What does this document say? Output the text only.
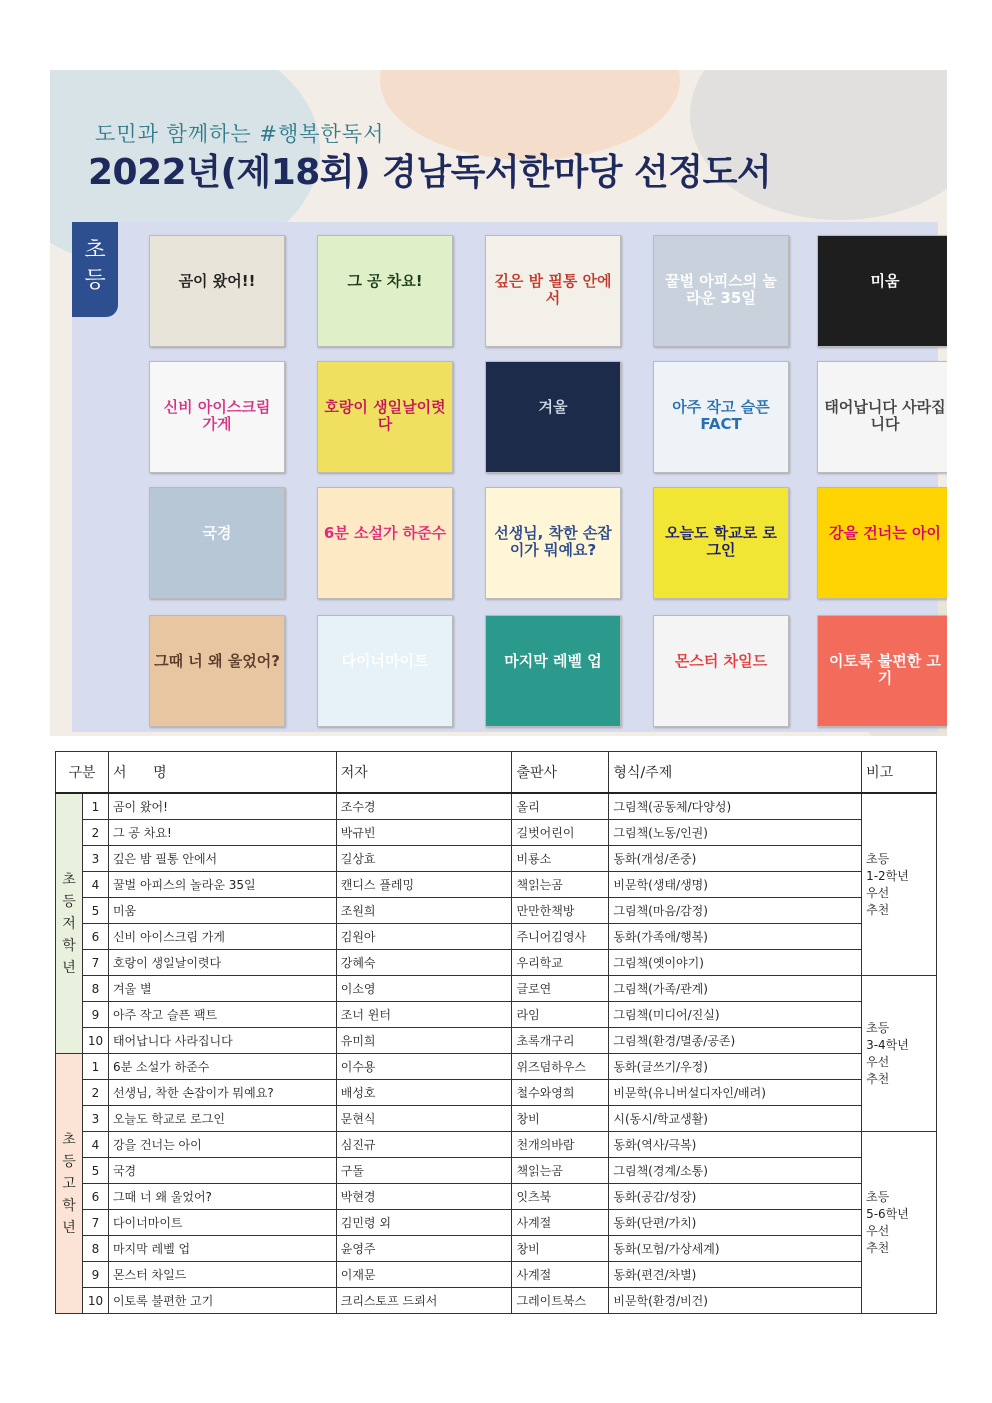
도민과 함께하는 #행복한독서
2022년(제18회) 경남독서한마당 선정도서
초
등	곰이 왔어!!	그 공 차요!	깊은 밤 필통 안에서
꿀벌 아피스의 놀라운 35일
미움
신비 아이스크림 가게
호랑이 생일날이렷다
겨울	아주 작고 슬픈 FACT
태어납니다 사라집니다
국경	6분 소설가 하준수	선생님, 착한 손잡이가 뭐예요?
오늘도 학교로 로그인
강을 건너는 아이
그때 너 왜 울었어?	다이너마이트	마지막 레벨 업	몬스터 차일드	이토록 불편한 고기
구분		서      명	저자	출판사	형식/주제	비고
초
등
저
학
년	1	곰이 왔어!	조수경	올리	그림책(공동체/다양성)	초등
1-2학년
우선
추천
	2	그 공 차요!	박규빈	길벗어린이	그림책(노동/인권)	
	3	깊은 밤 필통 안에서	길상효	비룡소	동화(개성/존중)	
	4	꿀벌 아피스의 놀라운 35일	캔디스 플레밍	책읽는곰	비문학(생태/생명)	
	5	미움	조원희	만만한책방	그림책(마음/감정)	
	6	신비 아이스크림 가게	김원아	주니어김영사	동화(가족애/행복)	
	7	호랑이 생일날이렷다	강혜숙	우리학교	그림책(옛이야기)	
	8	겨울 별	이소영	글로연	그림책(가족/관계)	초등
3-4학년
우선
추천
	9	아주 작고 슬픈 팩트	조너 윈터	라임	그림책(미디어/진실)	
	10	태어납니다 사라집니다	유미희	초록개구리	그림책(환경/멸종/공존)	
초
등
고
학
년	1	6분 소설가 하준수	이수용	위즈덤하우스	동화(글쓰기/우정)	
	2	선생님, 착한 손잡이가 뭐예요?	배성호	철수와영희	비문학(유니버설디자인/배려)	
	3	오늘도 학교로 로그인	문현식	창비	시(동시/학교생활)	
	4	강을 건너는 아이	심진규	천개의바람	동화(역사/극복)	초등
5-6학년
우선
추천
	5	국경	구돌	책읽는곰	그림책(경계/소통)	
	6	그때 너 왜 울었어?	박현경	잇츠북	동화(공감/성장)	
	7	다이너마이트	김민령 외	사계절	동화(단편/가치)	
	8	마지막 레벨 업	윤영주	창비	동화(모험/가상세계)	
	9	몬스터 차일드	이재문	사계절	동화(편견/차별)	
	10	이토록 불편한 고기	크리스토프 드뢰서	그레이트북스	비문학(환경/비건)	
